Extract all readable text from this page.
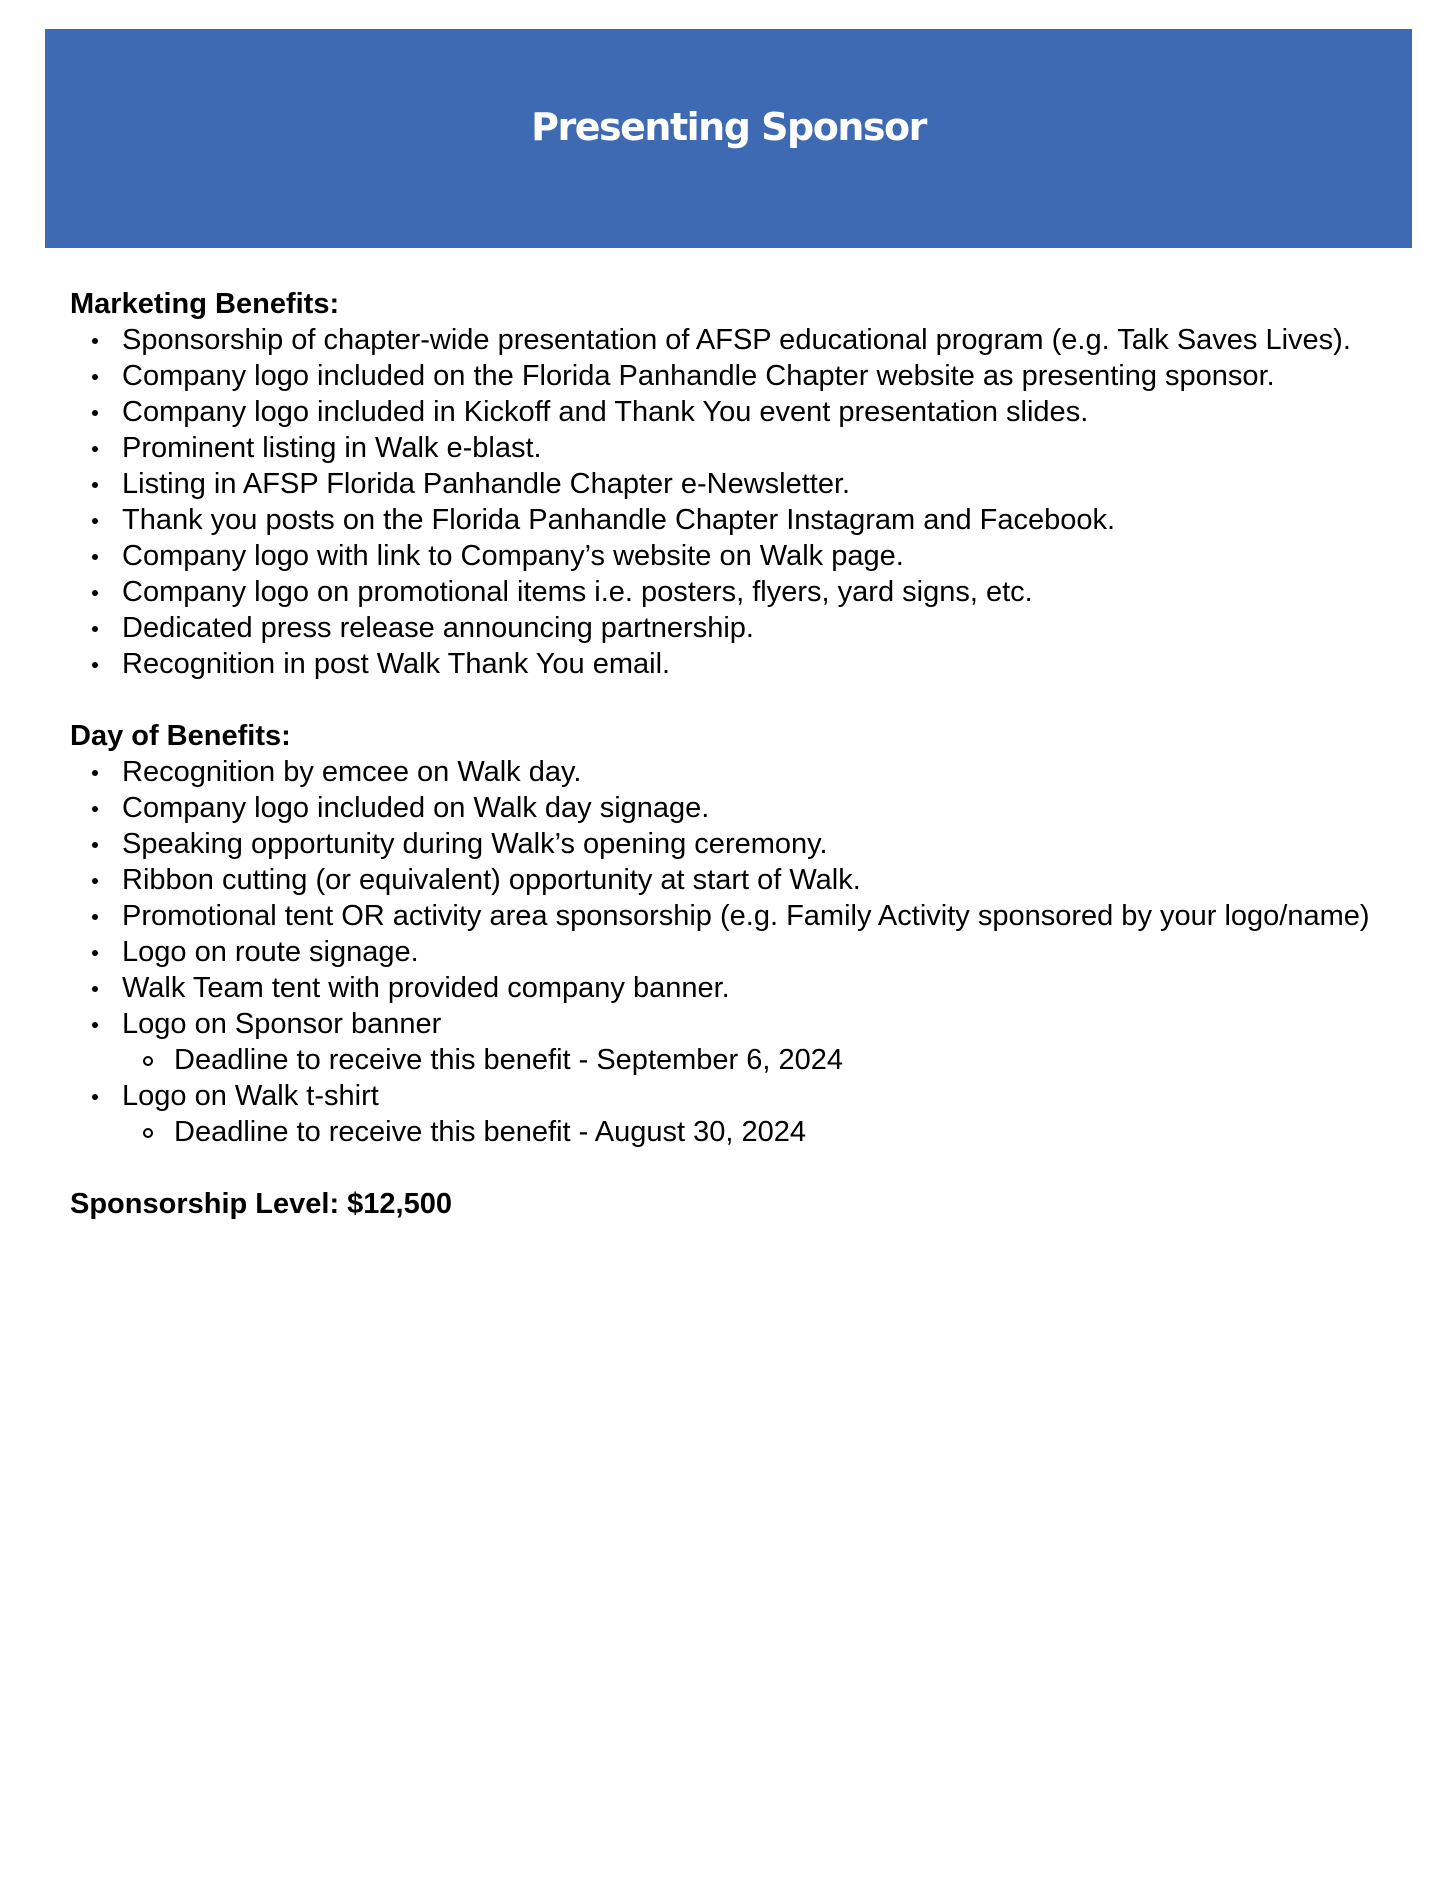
Presenting Sponsor

Marketing Benefits:

Sponsorship of chapter-wide presentation of AFSP educational program (e.g. Talk Saves Lives).
Company logo included on the Florida Panhandle Chapter website as presenting sponsor.
Company logo included in Kickoff and Thank You event presentation slides.
Prominent listing in Walk e-blast.
Listing in AFSP Florida Panhandle Chapter e-Newsletter.
Thank you posts on the Florida Panhandle Chapter Instagram and Facebook.
Company logo with link to Company’s website on Walk page.
Company logo on promotional items i.e. posters, flyers, yard signs, etc.
Dedicated press release announcing partnership.
Recognition in post Walk Thank You email.

Day of Benefits:

Recognition by emcee on Walk day.
Company logo included on Walk day signage.
Speaking opportunity during Walk’s opening ceremony.
Ribbon cutting (or equivalent) opportunity at start of Walk.
Promotional tent OR activity area sponsorship (e.g. Family Activity sponsored by your logo/name)
Logo on route signage.
Walk Team tent with provided company banner.
Logo on Sponsor banner
Deadline to receive this benefit - September 6, 2024
Logo on Walk t-shirt
Deadline to receive this benefit - August 30, 2024

Sponsorship Level: $12,500
